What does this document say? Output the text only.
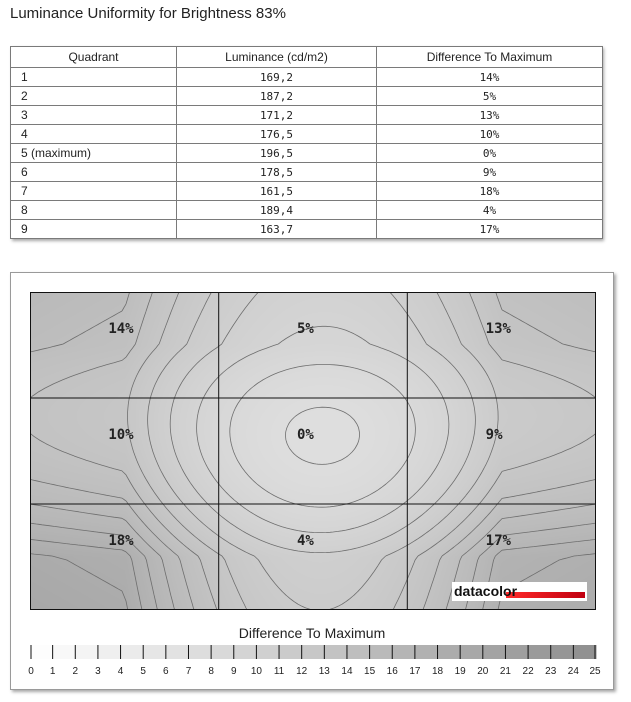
Luminance Uniformity for Brightness 83%
Quadrant	Luminance (cd/m2)	Difference To Maximum
1	169,2	14%
2	187,2	5%
3	171,2	13%
4	176,5	10%
5 (maximum)	196,5	0%
6	178,5	9%
7	161,5	18%
8	189,4	4%
9	163,7	17%
14%	5%	13%
10%	0%	9%
18%	4%	17%
datacolor
Difference To Maximum
0 1 2 3 4 5 6 7 8 9 10 11 12 13 14 15 16 17 18 19 20 21 22 23 24 25
